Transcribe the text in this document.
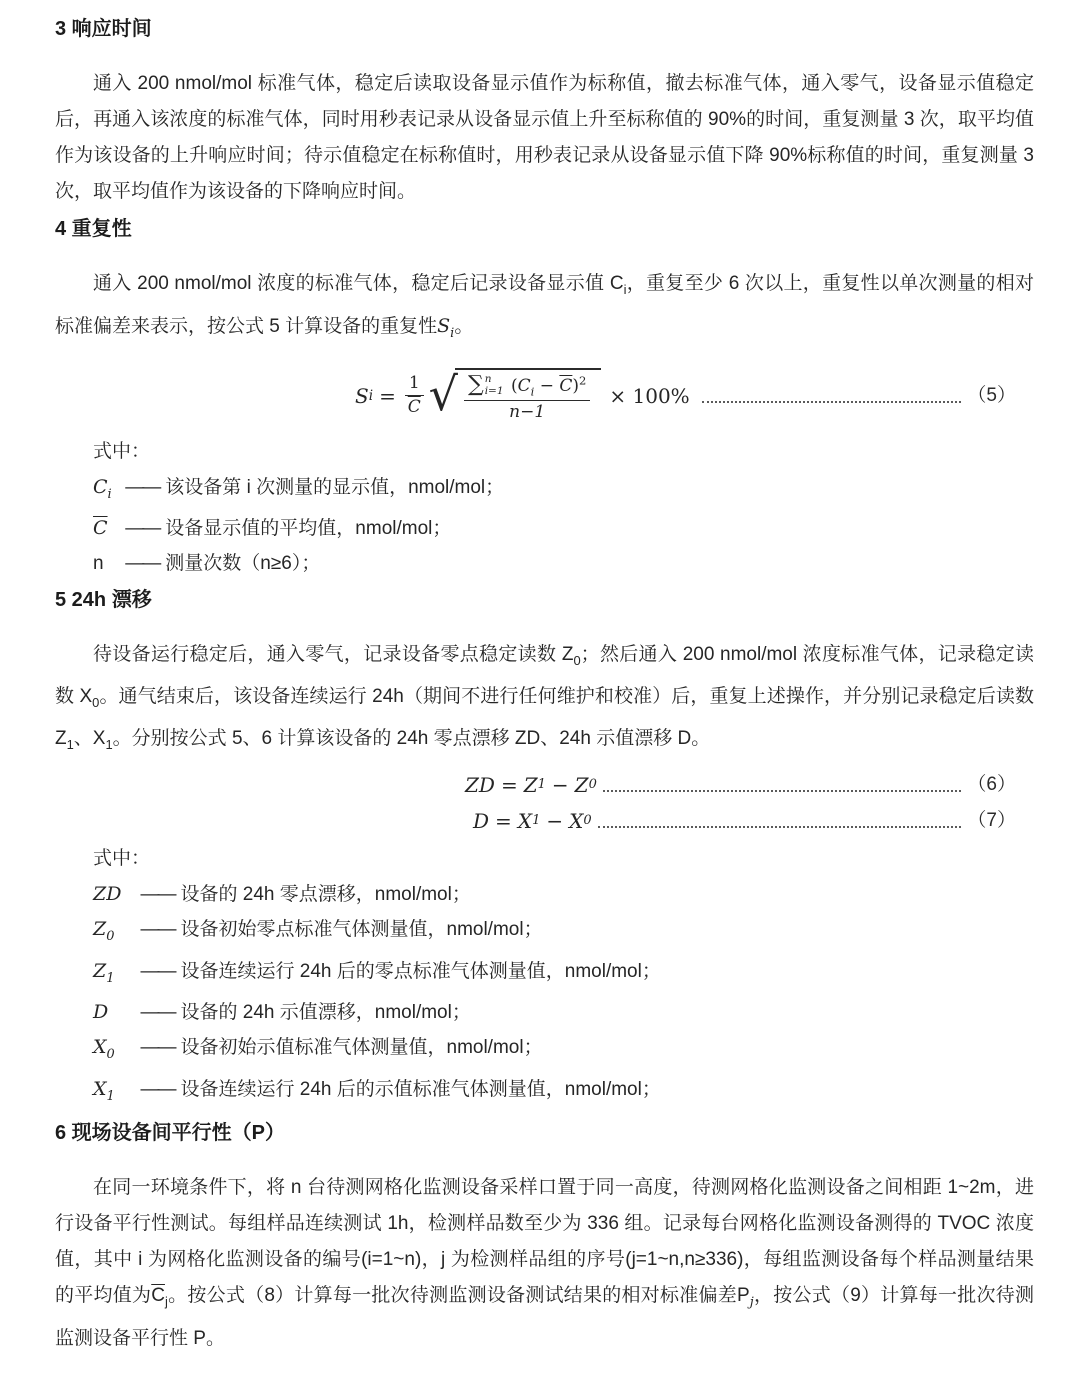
3 响应时间

通入 200 nmol/mol 标准气体，稳定后读取设备显示值作为标称值，撤去标准气体，通入零气，设备显示值稳定后，再通入该浓度的标准气体，同时用秒表记录从设备显示值上升至标称值的 90%的时间，重复测量 3 次，取平均值作为该设备的上升响应时间；待示值稳定在标称值时，用秒表记录从设备显示值下降 90%标称值的时间，重复测量 3 次，取平均值作为该设备的下降响应时间。

4 重复性

通入 200 nmol/mol 浓度的标准气体，稳定后记录设备显示值 $C_i$，重复至少 6 次以上，重复性以单次测量的相对标准偏差来表示，按公式 5 计算设备的重复性$S_i$。

S $i = \frac{1}{C}$ √ ∑ n
i=1 $(C_i - \overline{C})^2$
n−1
× 100%	（5）
式中：
$C_i$ —— 该设备第 i 次测量的显示值，nmol/mol；
$\overline{C}$ —— 设备显示值的平均值，nmol/mol；
n	—— 测量次数（n≥6）；
5 24h 漂移

待设备运行稳定后，通入零气，记录设备零点稳定读数 $Z_0$；然后通入 200 nmol/mol 浓度标准气体，记录稳定读数 $X_0$。通气结束后，该设备连续运行 24h（期间不进行任何维护和校准）后，重复上述操作，并分别记录稳定后读数 $Z_1$、$X_1$。分别按公式 5、6 计算该设备的 24h 零点漂移 ZD、24h 示值漂移 D。

ZD = Z 1 − Z 0	（6）
D = X 1 − X 0	（7）
式中：
ZD	—— 设备的 24h 零点漂移，nmol/mol；
$Z_0$	—— 设备初始零点标准气体测量值，nmol/mol；
$Z_1$	—— 设备连续运行 24h 后的零点标准气体测量值，nmol/mol；
D	—— 设备的 24h 示值漂移，nmol/mol；
$X_0$	—— 设备初始示值标准气体测量值，nmol/mol；
$X_1$	—— 设备连续运行 24h 后的示值标准气体测量值，nmol/mol；
6 现场设备间平行性（P）

在同一环境条件下，将 n 台待测网格化监测设备采样口置于同一高度，待测网格化监测设备之间相距 1~2m，进行设备平行性测试。每组样品连续测试 1h，检测样品数至少为 336 组。记录每台网格化监测设备测得的 TVOC 浓度值，其中 i 为网格化监测设备的编号(i=1~n)，j 为检测样品组的序号(j=1~n,n≥336)，每组监测设备每个样品测量结果的平均值为$\overline{C}_j$。按公式（8）计算每一批次待测监测设备测试结果的相对标准偏差$P_j$，按公式（9）计算每一批次待测监测设备平行性 P。
